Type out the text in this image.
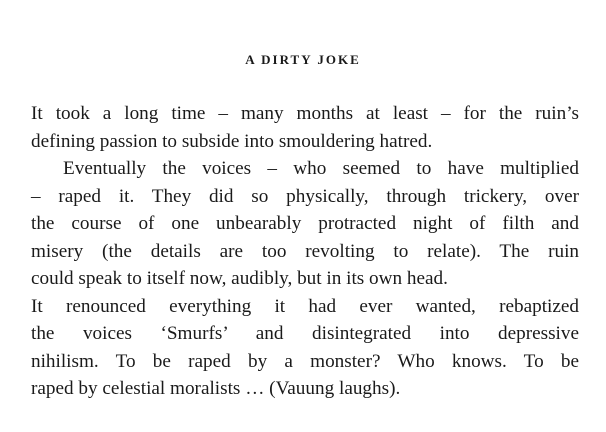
A DIRTY JOKE

It took a long time – many months at least – for the ruin’s
defining passion to subside into smouldering hatred.

Eventually the voices – who seemed to have multiplied
– raped it. They did so physically, through trickery, over
the course of one unbearably protracted night of filth and
misery (the details are too revolting to relate). The ruin
could speak to itself now, audibly, but in its own head.
It renounced everything it had ever wanted, rebaptized
the voices ‘Smurfs’ and disintegrated into depressive
nihilism. To be raped by a monster? Who knows. To be
raped by celestial moralists … (Vauung laughs).
